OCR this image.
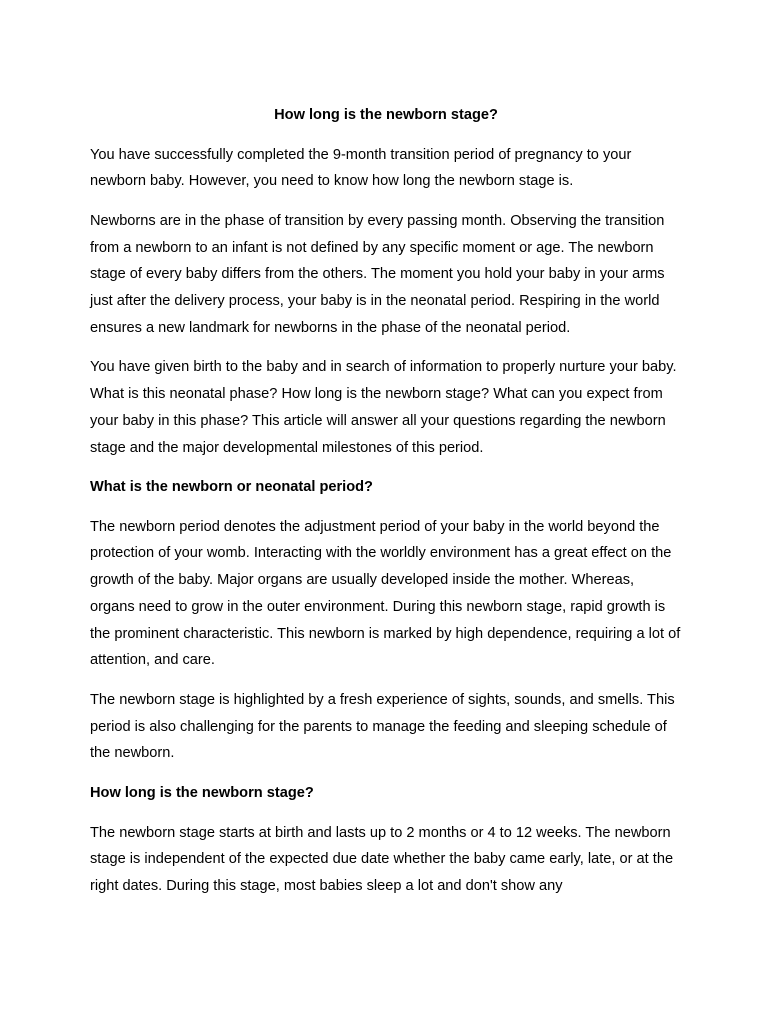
How long is the newborn stage?

You have successfully completed the 9-month transition period of pregnancy to your newborn baby. However, you need to know how long the newborn stage is.

Newborns are in the phase of transition by every passing month. Observing the transition from a newborn to an infant is not defined by any specific moment or age. The newborn stage of every baby differs from the others. The moment you hold your baby in your arms just after the delivery process, your baby is in the neonatal period. Respiring in the world ensures a new landmark for newborns in the phase of the neonatal period.

You have given birth to the baby and in search of information to properly nurture your baby. What is this neonatal phase? How long is the newborn stage? What can you expect from your baby in this phase? This article will answer all your questions regarding the newborn stage and the major developmental milestones of this period.

What is the newborn or neonatal period?

The newborn period denotes the adjustment period of your baby in the world beyond the protection of your womb. Interacting with the worldly environment has a great effect on the growth of the baby. Major organs are usually developed inside the mother. Whereas, organs need to grow in the outer environment. During this newborn stage, rapid growth is the prominent characteristic. This newborn is marked by high dependence, requiring a lot of attention, and care.

The newborn stage is highlighted by a fresh experience of sights, sounds, and smells. This period is also challenging for the parents to manage the feeding and sleeping schedule of the newborn.

How long is the newborn stage?

The newborn stage starts at birth and lasts up to 2 months or 4 to 12 weeks. The newborn stage is independent of the expected due date whether the baby came early, late, or at the right dates. During this stage, most babies sleep a lot and don't show any
